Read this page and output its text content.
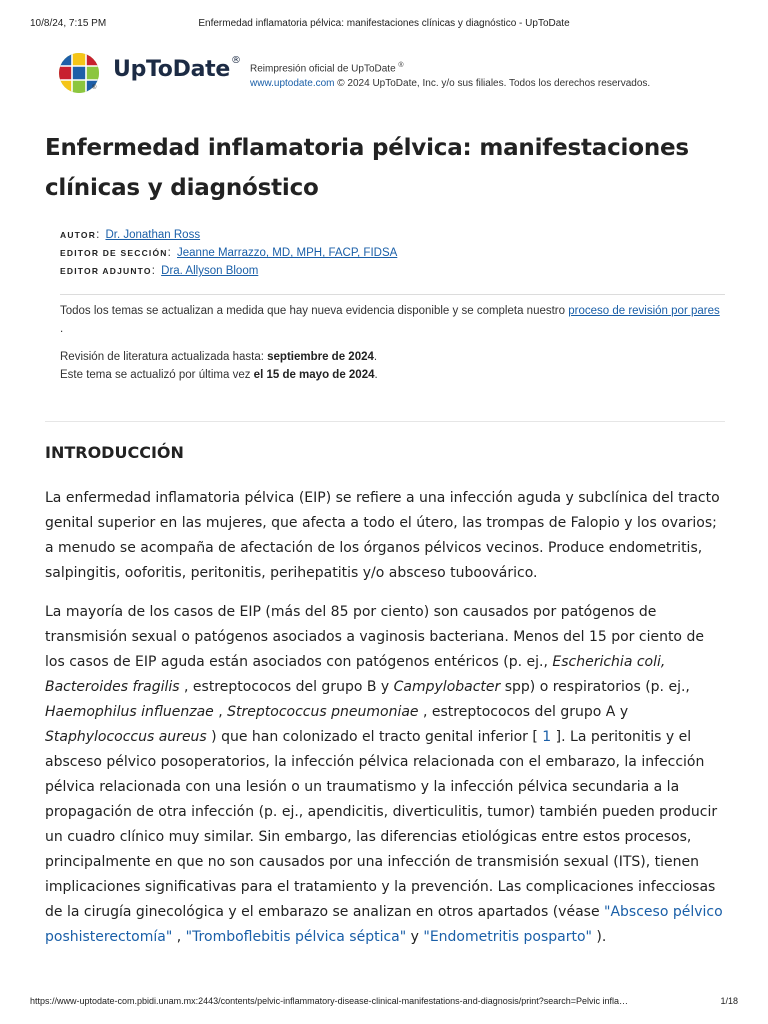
10/8/24, 7:15 PM	Enfermedad inflamatoria pélvica: manifestaciones clínicas y diagnóstico - UpToDate
®
UpToDate®
Reimpresión oficial de UpToDate ®
www.uptodate.com © 2024 UpToDate, Inc. y/o sus filiales. Todos los derechos reservados.
Enfermedad inflamatoria pélvica: manifestaciones clínicas y diagnóstico
AUTOR: Dr. Jonathan Ross
EDITOR DE SECCIÓN: Jeanne Marrazzo, MD, MPH, FACP, FIDSA
EDITOR ADJUNTO: Dra. Allyson Bloom

Todos los temas se actualizan a medida que hay nueva evidencia disponible y se completa nuestro proceso de revisión por pares .

Revisión de literatura actualizada hasta: septiembre de 2024.

Este tema se actualizó por última vez el 15 de mayo de 2024.

INTRODUCCIÓN

La enfermedad inflamatoria pélvica (EIP) se refiere a una infección aguda y subclínica del tracto genital superior en las mujeres, que afecta a todo el útero, las trompas de Falopio y los ovarios; a menudo se acompaña de afectación de los órganos pélvicos vecinos. Produce endometritis, salpingitis, ooforitis, peritonitis, perihepatitis y/o absceso tuboovárico.

La mayoría de los casos de EIP (más del 85 por ciento) son causados por patógenos de transmisión sexual o patógenos asociados a vaginosis bacteriana. Menos del 15 por ciento de los casos de EIP aguda están asociados con patógenos entéricos (p. ej., Escherichia coli, Bacteroides fragilis , estreptococos del grupo B y Campylobacter spp) o respiratorios (p. ej., Haemophilus influenzae , Streptococcus pneumoniae , estreptococos del grupo A y Staphylococcus aureus ) que han colonizado el tracto genital inferior [ 1 ]. La peritonitis y el absceso pélvico posoperatorios, la infección pélvica relacionada con el embarazo, la infección pélvica relacionada con una lesión o un traumatismo y la infección pélvica secundaria a la propagación de otra infección (p. ej., apendicitis, diverticulitis, tumor) también pueden producir un cuadro clínico muy similar. Sin embargo, las diferencias etiológicas entre estos procesos, principalmente en que no son causados por una infección de transmisión sexual (ITS), tienen implicaciones significativas para el tratamiento y la prevención. Las complicaciones infecciosas de la cirugía ginecológica y el embarazo se analizan en otros apartados (véase "Absceso pélvico poshisterectomía" , "Tromboflebitis pélvica séptica" y "Endometritis posparto" ).

https://www-uptodate-com.pbidi.unam.mx:2443/contents/pelvic-inflammatory-disease-clinical-manifestations-and-diagnosis/print?search=Pelvic infla…	1/18
